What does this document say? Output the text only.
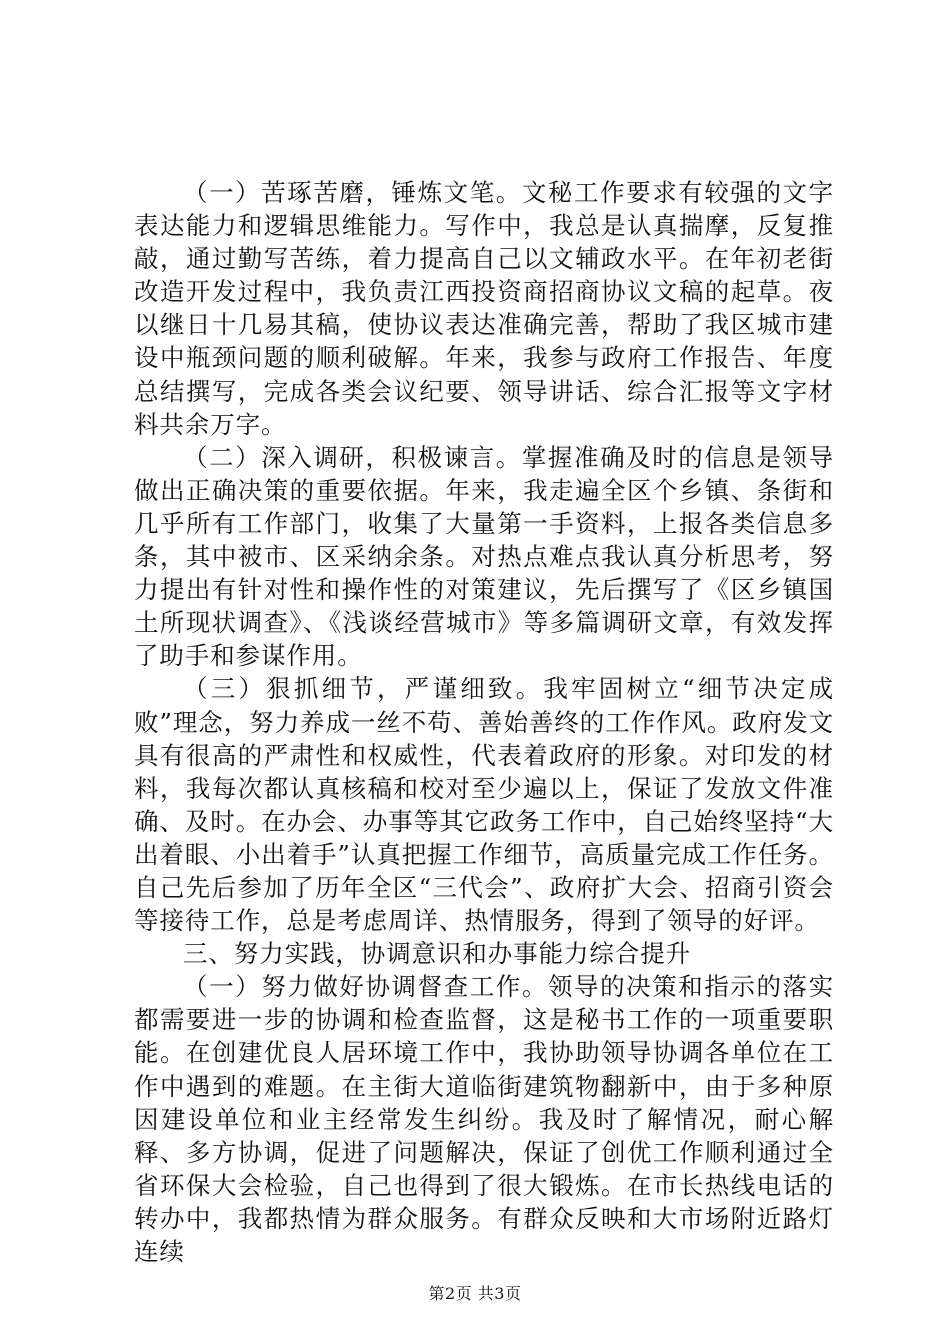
（一）苦琢苦磨，锤炼文笔。文秘工作要求有较强的文字表达能力和逻辑思维能力。写作中，我总是认真揣摩，反复推敲，通过勤写苦练，着力提高自己以文辅政水平。在年初老街改造开发过程中，我负责江西投资商招商协议文稿的起草。夜以继日十几易其稿，使协议表达准确完善，帮助了我区城市建设中瓶颈问题的顺利破解。年来，我参与政府工作报告、年度总结撰写，完成各类会议纪要、领导讲话、综合汇报等文字材料共余万字。

（二）深入调研，积极谏言。掌握准确及时的信息是领导做出正确决策的重要依据。年来，我走遍全区个乡镇、条街和几乎所有工作部门，收集了大量第一手资料，上报各类信息多条，其中被市、区采纳余条。对热点难点我认真分析思考，努力提出有针对性和操作性的对策建议，先后撰写了《区乡镇国土所现状调查》、《浅谈经营城市》等多篇调研文章，有效发挥了助手和参谋作用。

（三）狠抓细节，严谨细致。我牢固树立“细节决定成败”理念，努力养成一丝不苟、善始善终的工作作风。政府发文具有很高的严肃性和权威性，代表着政府的形象。对印发的材料，我每次都认真核稿和校对至少遍以上，保证了发放文件准确、及时。在办会、办事等其它政务工作中，自己始终坚持“大出着眼、小出着手”认真把握工作细节，高质量完成工作任务。自己先后参加了历年全区“三代会”、政府扩大会、招商引资会等接待工作，总是考虑周详、热情服务，得到了领导的好评。

三、努力实践，协调意识和办事能力综合提升

（一）努力做好协调督查工作。领导的决策和指示的落实都需要进一步的协调和检查监督，这是秘书工作的一项重要职能。在创建优良人居环境工作中，我协助领导协调各单位在工作中遇到的难题。在主街大道临街建筑物翻新中，由于多种原因建设单位和业主经常发生纠纷。我及时了解情况，耐心解释、多方协调，促进了问题解决，保证了创优工作顺利通过全省环保大会检验，自己也得到了很大锻炼。在市长热线电话的转办中，我都热情为群众服务。有群众反映和大市场附近路灯连续

第2页 共3页
